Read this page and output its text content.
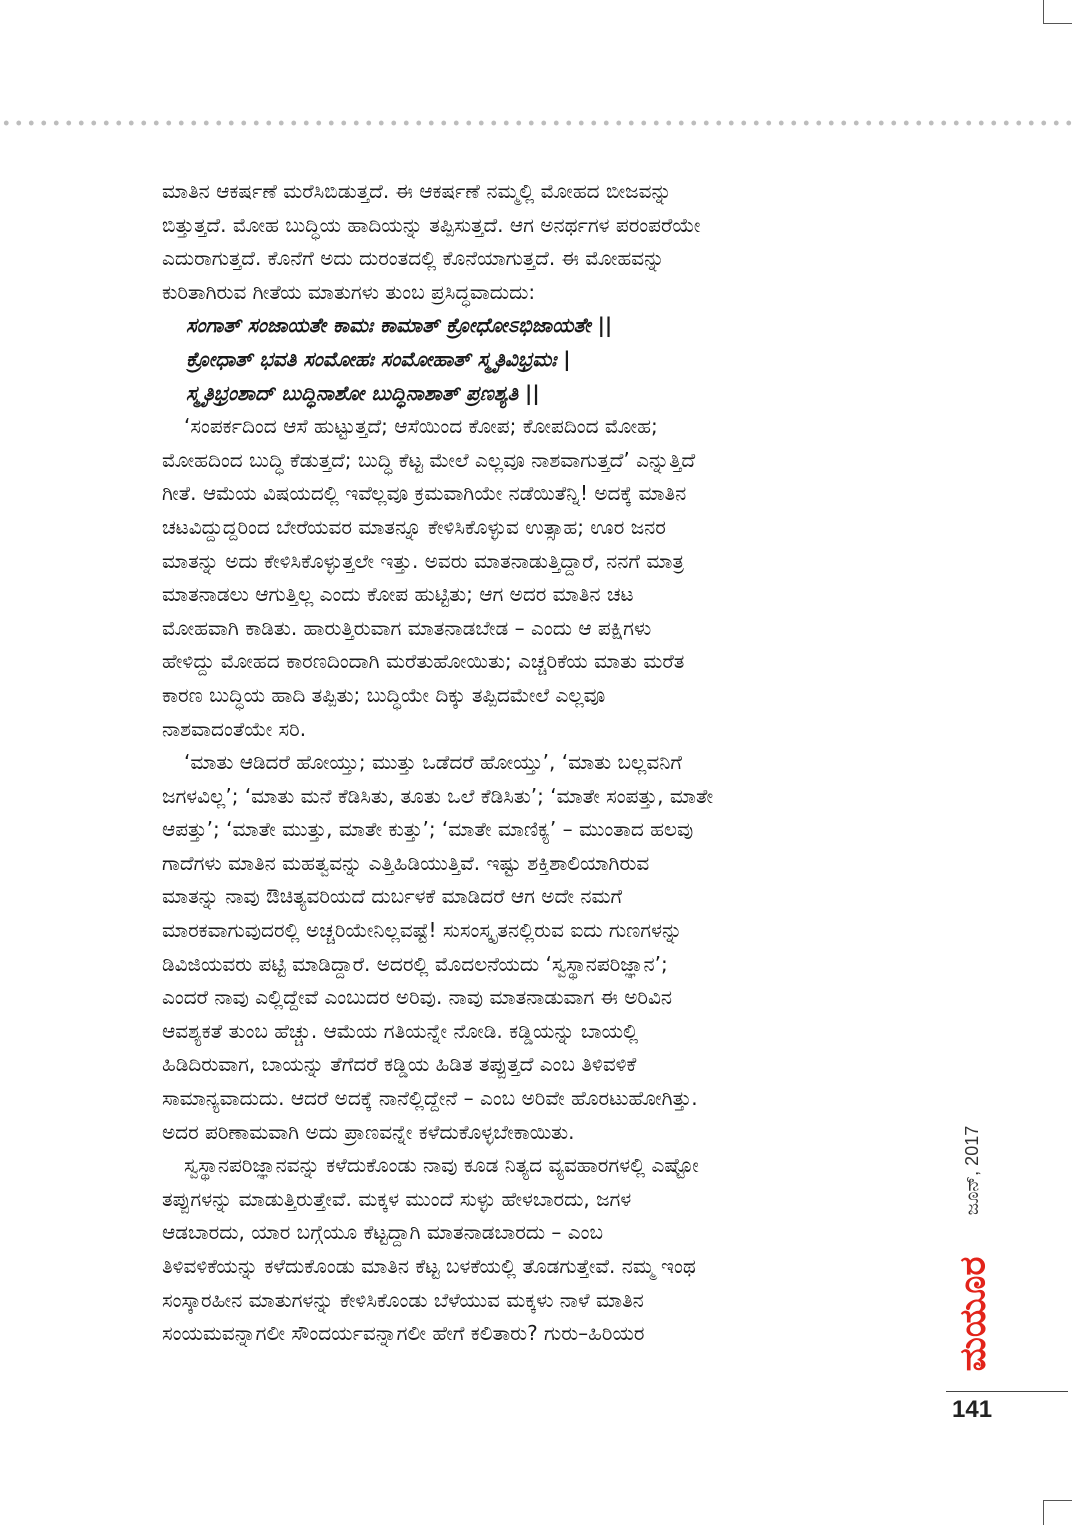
ಮಾತಿನ ಆಕರ್ಷಣೆ ಮರೆಸಿಬಿಡುತ್ತದೆ. ಈ ಆಕರ್ಷಣೆ ನಮ್ಮಲ್ಲಿ ಮೋಹದ ಬೀಜವನ್ನು
ಬಿತ್ತುತ್ತದೆ. ಮೋಹ ಬುದ್ಧಿಯ ಹಾದಿಯನ್ನು ತಪ್ಪಿಸುತ್ತದೆ. ಆಗ ಅನರ್ಥಗಳ ಪರಂಪರೆಯೇ
ಎದುರಾಗುತ್ತದೆ. ಕೊನೆಗೆ ಅದು ದುರಂತದಲ್ಲಿ ಕೊನೆಯಾಗುತ್ತದೆ. ಈ ಮೋಹವನ್ನು
ಕುರಿತಾಗಿರುವ ಗೀತೆಯ ಮಾತುಗಳು ತುಂಬ ಪ್ರಸಿದ್ಧವಾದುದು:
ಸಂಗಾತ್ ಸಂಜಾಯತೇ ಕಾಮಃ ಕಾಮಾತ್ ಕ್ರೋಧೋಽಭಿಜಾಯತೇ ||
ಕ್ರೋಧಾತ್ ಭವತಿ ಸಂಮೋಹಃ ಸಂಮೋಹಾತ್ ಸ್ಮೃತಿವಿಭ್ರಮಃ |
ಸ್ಮೃತಿಭ್ರಂಶಾದ್ ಬುದ್ಧಿನಾಶೋ ಬುದ್ಧಿನಾಶಾತ್ ಪ್ರಣಶ್ಯತಿ ||
‘ಸಂಪರ್ಕದಿಂದ ಆಸೆ ಹುಟ್ಟುತ್ತದೆ; ಆಸೆಯಿಂದ ಕೋಪ; ಕೋಪದಿಂದ ಮೋಹ;
ಮೋಹದಿಂದ ಬುದ್ಧಿ ಕೆಡುತ್ತದೆ; ಬುದ್ಧಿ ಕೆಟ್ಟ ಮೇಲೆ ಎಲ್ಲವೂ ನಾಶವಾಗುತ್ತದೆ’ ಎನ್ನುತ್ತಿದೆ
ಗೀತೆ. ಆಮೆಯ ವಿಷಯದಲ್ಲಿ ಇವೆಲ್ಲವೂ ಕ್ರಮವಾಗಿಯೇ ನಡೆಯಿತೆನ್ನಿ! ಅದಕ್ಕೆ ಮಾತಿನ
ಚಟವಿದ್ದುದ್ದರಿಂದ ಬೇರೆಯವರ ಮಾತನ್ನೂ ಕೇಳಿಸಿಕೊಳ್ಳುವ ಉತ್ಸಾಹ; ಊರ ಜನರ
ಮಾತನ್ನು ಅದು ಕೇಳಿಸಿಕೊಳ್ಳುತ್ತಲೇ ಇತ್ತು. ಅವರು ಮಾತನಾಡುತ್ತಿದ್ದಾರೆ, ನನಗೆ ಮಾತ್ರ
ಮಾತನಾಡಲು ಆಗುತ್ತಿಲ್ಲ ಎಂದು ಕೋಪ ಹುಟ್ಟಿತು; ಆಗ ಅದರ ಮಾತಿನ ಚಟ
ಮೋಹವಾಗಿ ಕಾಡಿತು. ಹಾರುತ್ತಿರುವಾಗ ಮಾತನಾಡಬೇಡ – ಎಂದು ಆ ಪಕ್ಷಿಗಳು
ಹೇಳಿದ್ದು ಮೋಹದ ಕಾರಣದಿಂದಾಗಿ ಮರೆತುಹೋಯಿತು; ಎಚ್ಚರಿಕೆಯ ಮಾತು ಮರೆತ
ಕಾರಣ ಬುದ್ಧಿಯ ಹಾದಿ ತಪ್ಪಿತು; ಬುದ್ಧಿಯೇ ದಿಕ್ಕು ತಪ್ಪಿದಮೇಲೆ ಎಲ್ಲವೂ
ನಾಶವಾದಂತೆಯೇ ಸರಿ.
‘ಮಾತು ಆಡಿದರೆ ಹೋಯ್ತು; ಮುತ್ತು ಒಡೆದರೆ ಹೋಯ್ತು’, ‘ಮಾತು ಬಲ್ಲವನಿಗೆ
ಜಗಳವಿಲ್ಲ’; ‘ಮಾತು ಮನೆ ಕೆಡಿಸಿತು, ತೂತು ಒಲೆ ಕೆಡಿಸಿತು’; ‘ಮಾತೇ ಸಂಪತ್ತು, ಮಾತೇ
ಆಪತ್ತು’; ‘ಮಾತೇ ಮುತ್ತು, ಮಾತೇ ಕುತ್ತು’; ‘ಮಾತೇ ಮಾಣಿಕ್ಯ’ – ಮುಂತಾದ ಹಲವು
ಗಾದೆಗಳು ಮಾತಿನ ಮಹತ್ವವನ್ನು ಎತ್ತಿಹಿಡಿಯುತ್ತಿವೆ. ಇಷ್ಟು ಶಕ್ತಿಶಾಲಿಯಾಗಿರುವ
ಮಾತನ್ನು ನಾವು ಔಚಿತ್ಯವರಿಯದೆ ದುರ್ಬಳಕೆ ಮಾಡಿದರೆ ಆಗ ಅದೇ ನಮಗೆ
ಮಾರಕವಾಗುವುದರಲ್ಲಿ ಅಚ್ಚರಿಯೇನಿಲ್ಲವಷ್ಟೆ! ಸುಸಂಸ್ಕೃತನಲ್ಲಿರುವ ಐದು ಗುಣಗಳನ್ನು
ಡಿವಿಜಿಯವರು ಪಟ್ಟಿ ಮಾಡಿದ್ದಾರೆ. ಅದರಲ್ಲಿ ಮೊದಲನೆಯದು ‘ಸ್ವಸ್ಥಾನಪರಿಜ್ಞಾನ’;
ಎಂದರೆ ನಾವು ಎಲ್ಲಿದ್ದೇವೆ ಎಂಬುದರ ಅರಿವು. ನಾವು ಮಾತನಾಡುವಾಗ ಈ ಅರಿವಿನ
ಆವಶ್ಯಕತೆ ತುಂಬ ಹೆಚ್ಚು. ಆಮೆಯ ಗತಿಯನ್ನೇ ನೋಡಿ. ಕಡ್ಡಿಯನ್ನು ಬಾಯಲ್ಲಿ
ಹಿಡಿದಿರುವಾಗ, ಬಾಯನ್ನು ತೆಗೆದರೆ ಕಡ್ಡಿಯ ಹಿಡಿತ ತಪ್ಪುತ್ತದೆ ಎಂಬ ತಿಳಿವಳಿಕೆ
ಸಾಮಾನ್ಯವಾದುದು. ಆದರೆ ಅದಕ್ಕೆ ನಾನೆಲ್ಲಿದ್ದೇನೆ – ಎಂಬ ಅರಿವೇ ಹೊರಟುಹೋಗಿತ್ತು.
ಅದರ ಪರಿಣಾಮವಾಗಿ ಅದು ಪ್ರಾಣವನ್ನೇ ಕಳೆದುಕೊಳ್ಳಬೇಕಾಯಿತು.
ಸ್ವಸ್ಥಾನಪರಿಜ್ಞಾನವನ್ನು ಕಳೆದುಕೊಂಡು ನಾವು ಕೂಡ ನಿತ್ಯದ ವ್ಯವಹಾರಗಳಲ್ಲಿ ಎಷ್ಟೋ
ತಪ್ಪುಗಳನ್ನು ಮಾಡುತ್ತಿರುತ್ತೇವೆ. ಮಕ್ಕಳ ಮುಂದೆ ಸುಳ್ಳು ಹೇಳಬಾರದು, ಜಗಳ
ಆಡಬಾರದು, ಯಾರ ಬಗ್ಗೆಯೂ ಕೆಟ್ಟದ್ದಾಗಿ ಮಾತನಾಡಬಾರದು – ಎಂಬ
ತಿಳಿವಳಿಕೆಯನ್ನು ಕಳೆದುಕೊಂಡು ಮಾತಿನ ಕೆಟ್ಟ ಬಳಕೆಯಲ್ಲಿ ತೊಡಗುತ್ತೇವೆ. ನಮ್ಮ ಇಂಥ
ಸಂಸ್ಕಾರಹೀನ ಮಾತುಗಳನ್ನು ಕೇಳಿಸಿಕೊಂಡು ಬೆಳೆಯುವ ಮಕ್ಕಳು ನಾಳೆ ಮಾತಿನ
ಸಂಯಮವನ್ನಾಗಲೀ ಸೌಂದರ್ಯವನ್ನಾಗಲೀ ಹೇಗೆ ಕಲಿತಾರು? ಗುರು–ಹಿರಿಯರ
ಜೂನ್, 2017
ಮಯೂರ
141
